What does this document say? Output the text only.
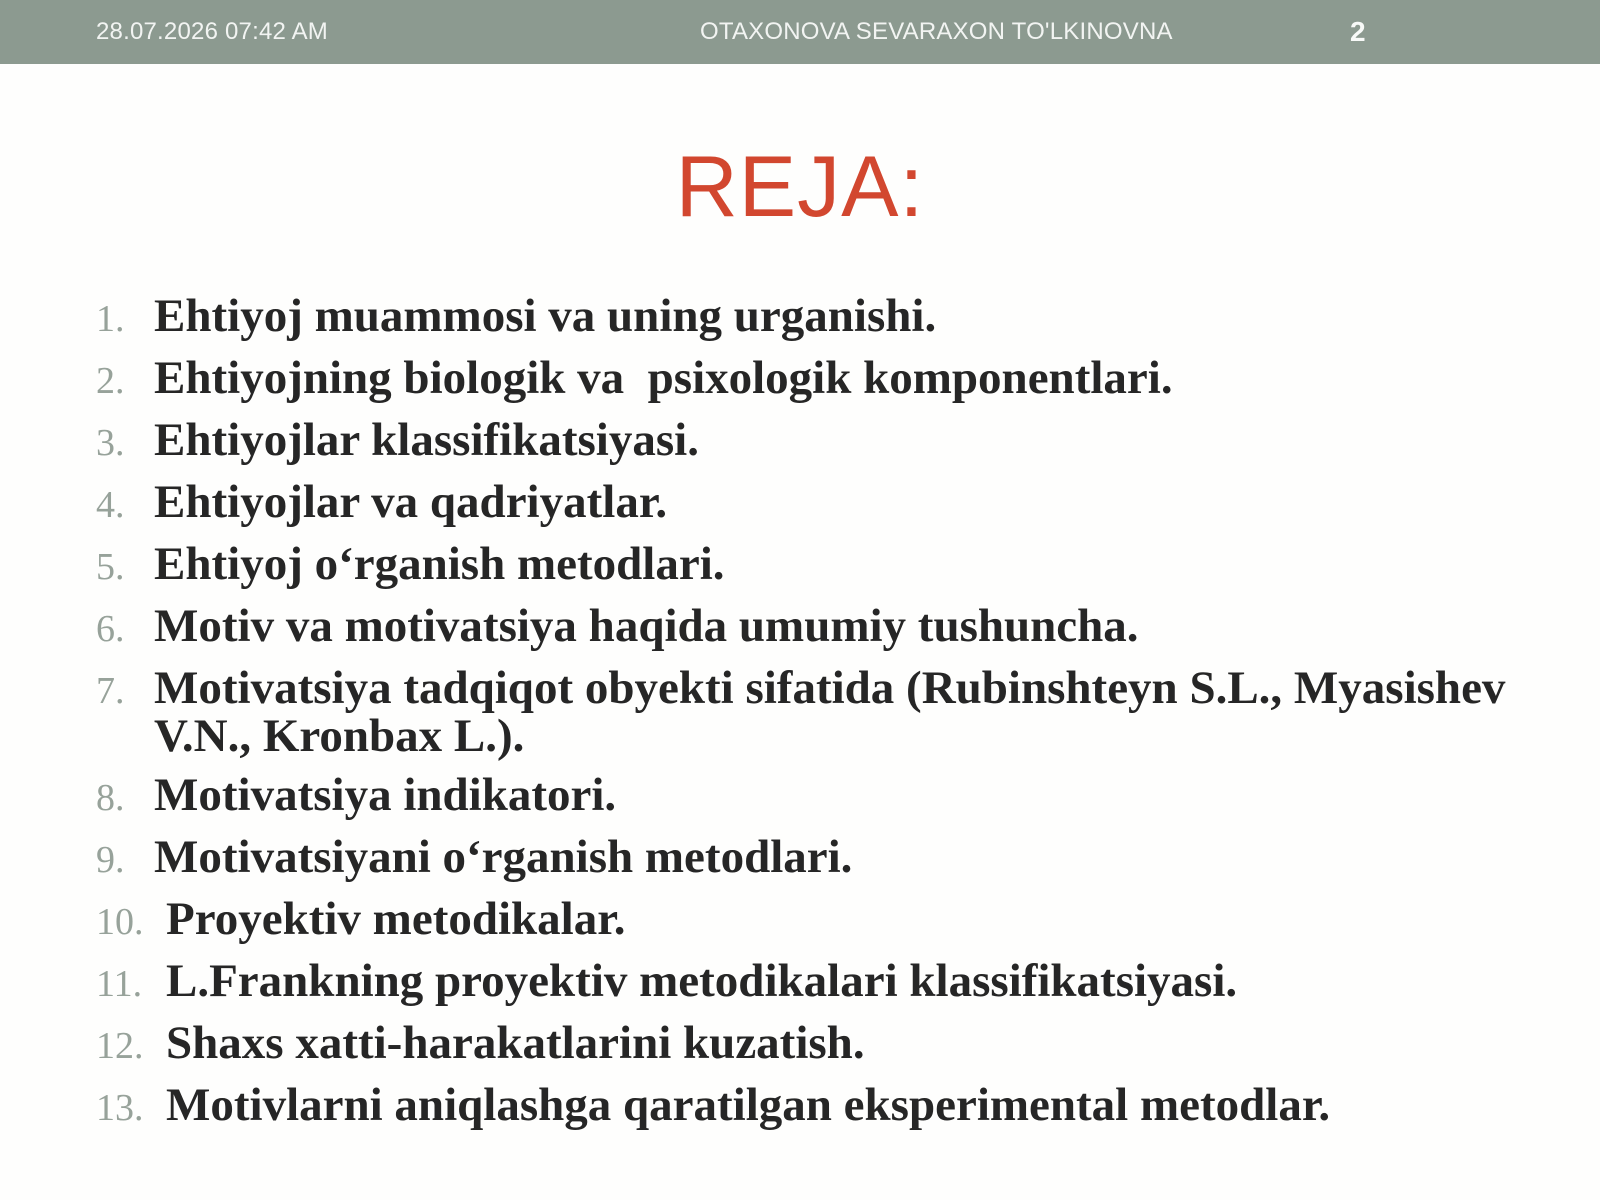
28.07.2026 07:42 AM	OTAXONOVA SEVARAXON TO'LKINOVNA	2
REJA:
1. Ehtiyoj muammosi va uning urganishi.
2. Ehtiyojning biologik va  psixologik komponentlari.
3. Ehtiyojlar klassifikatsiyasi.
4. Ehtiyojlar va qadriyatlar.
5. Ehtiyoj o‘rganish metodlari.
6. Motiv va motivatsiya haqida umumiy tushuncha.
7. Motivatsiya tadqiqot obyekti sifatida (Rubinshteyn S.L., Myasishev V.N., Kronbax L.).
8. Motivatsiya indikatori.
9. Motivatsiyani o‘rganish metodlari.
10. Proyektiv metodikalar.
11. L.Frankning proyektiv metodikalari klassifikatsiyasi.
12. Shaxs xatti-harakatlarini kuzatish.
13. Motivlarni aniqlashga qaratilgan eksperimental metodlar.
